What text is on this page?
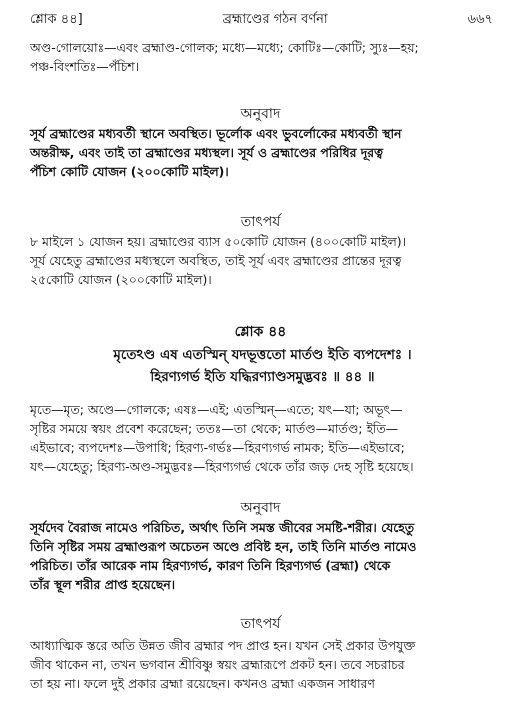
শ্লোক ৪৪]	ব্রহ্মাণ্ডের গঠন বর্ণনা	৬৬৭
অণ্ড-গোলয়োঃ—এবং ব্রহ্মাণ্ড-গোলক; মধ্যে—মধ্যে; কোটিঃ—কোটি; স্যুঃ—হয়;
পঞ্চ-বিংশতিঃ—পঁচিশ।
অনুবাদ
সূর্য ব্রহ্মাণ্ডের মধ্যবর্তী স্থানে অবস্থিত। ভূর্লোক এবং ভুবর্লোকের মধ্যবর্তী স্থান
অন্তরীক্ষ, এবং তাই তা ব্রহ্মাণ্ডের মধ্যস্থল। সূর্য ও ব্রহ্মাণ্ডের পরিধির দূরত্ব
পঁচিশ কোটি যোজন (২০০কোটি মাইল)।
তাৎপর্য
৮ মাইলে ১ যোজন হয়। ব্রহ্মাণ্ডের ব্যাস ৫০কোটি যোজন (৪০০কোটি মাইল)।
সূর্য যেহেতু ব্রহ্মাণ্ডের মধ্যস্থলে অবস্থিত, তাই সূর্য এবং ব্রহ্মাণ্ডের প্রান্তের দূরত্ব
২৫কোটি যোজন (২০০কোটি মাইল)।
শ্লোক ৪৪
মৃতেঽণ্ড এষ এতস্মিন্ যদভূত্ততো মার্তণ্ড ইতি ব্যপদেশঃ ।
হিরণ্যগর্ভ ইতি যদ্ধিরণ্যাণ্ডসমুদ্ভবঃ ॥ ৪৪ ॥
মৃতে—মৃত; অণ্ডে—গোলকে; এষঃ—এই; এতস্মিন্—এতে; যৎ—যা; অভূৎ—
সৃষ্টির সময়ে স্বয়ং প্রবেশ করেছেন; ততঃ—তা থেকে; মার্তণ্ড—মার্তণ্ড; ইতি—
এইভাবে; ব্যপদেশঃ—উপাধি; হিরণ্য-গর্ভঃ—হিরণ্যগর্ভ নামক; ইতি—এইভাবে;
যৎ—যেহেতু; হিরণ্য-অণ্ড-সমুদ্ভবঃ—হিরণ্যগর্ভ থেকে তাঁর জড় দেহ সৃষ্টি হয়েছে।
অনুবাদ
সূর্যদেব বৈরাজ নামেও পরিচিত, অর্থাৎ তিনি সমস্ত জীবের সমষ্টি-শরীর। যেহেতু
তিনি সৃষ্টির সময় ব্রহ্মাণ্ডরূপ অচেতন অণ্ডে প্রবিষ্ট হন, তাই তিনি মার্তণ্ড নামেও
পরিচিত। তাঁর আরেক নাম হিরণ্যগর্ভ, কারণ তিনি হিরণ্যগর্ভ (ব্রহ্মা) থেকে
তাঁর স্থূল শরীর প্রাপ্ত হয়েছেন।
তাৎপর্য
আধ্যাত্মিক স্তরে অতি উন্নত জীব ব্রহ্মার পদ প্রাপ্ত হন। যখন সেই প্রকার উপযুক্ত
জীব থাকেন না, তখন ভগবান শ্রীবিষ্ণু স্বয়ং ব্রহ্মারূপে প্রকট হন। তবে সচরাচর
তা হয় না। ফলে দুই প্রকার ব্রহ্মা রয়েছেন। কখনও ব্রহ্মা একজন সাধারণ
